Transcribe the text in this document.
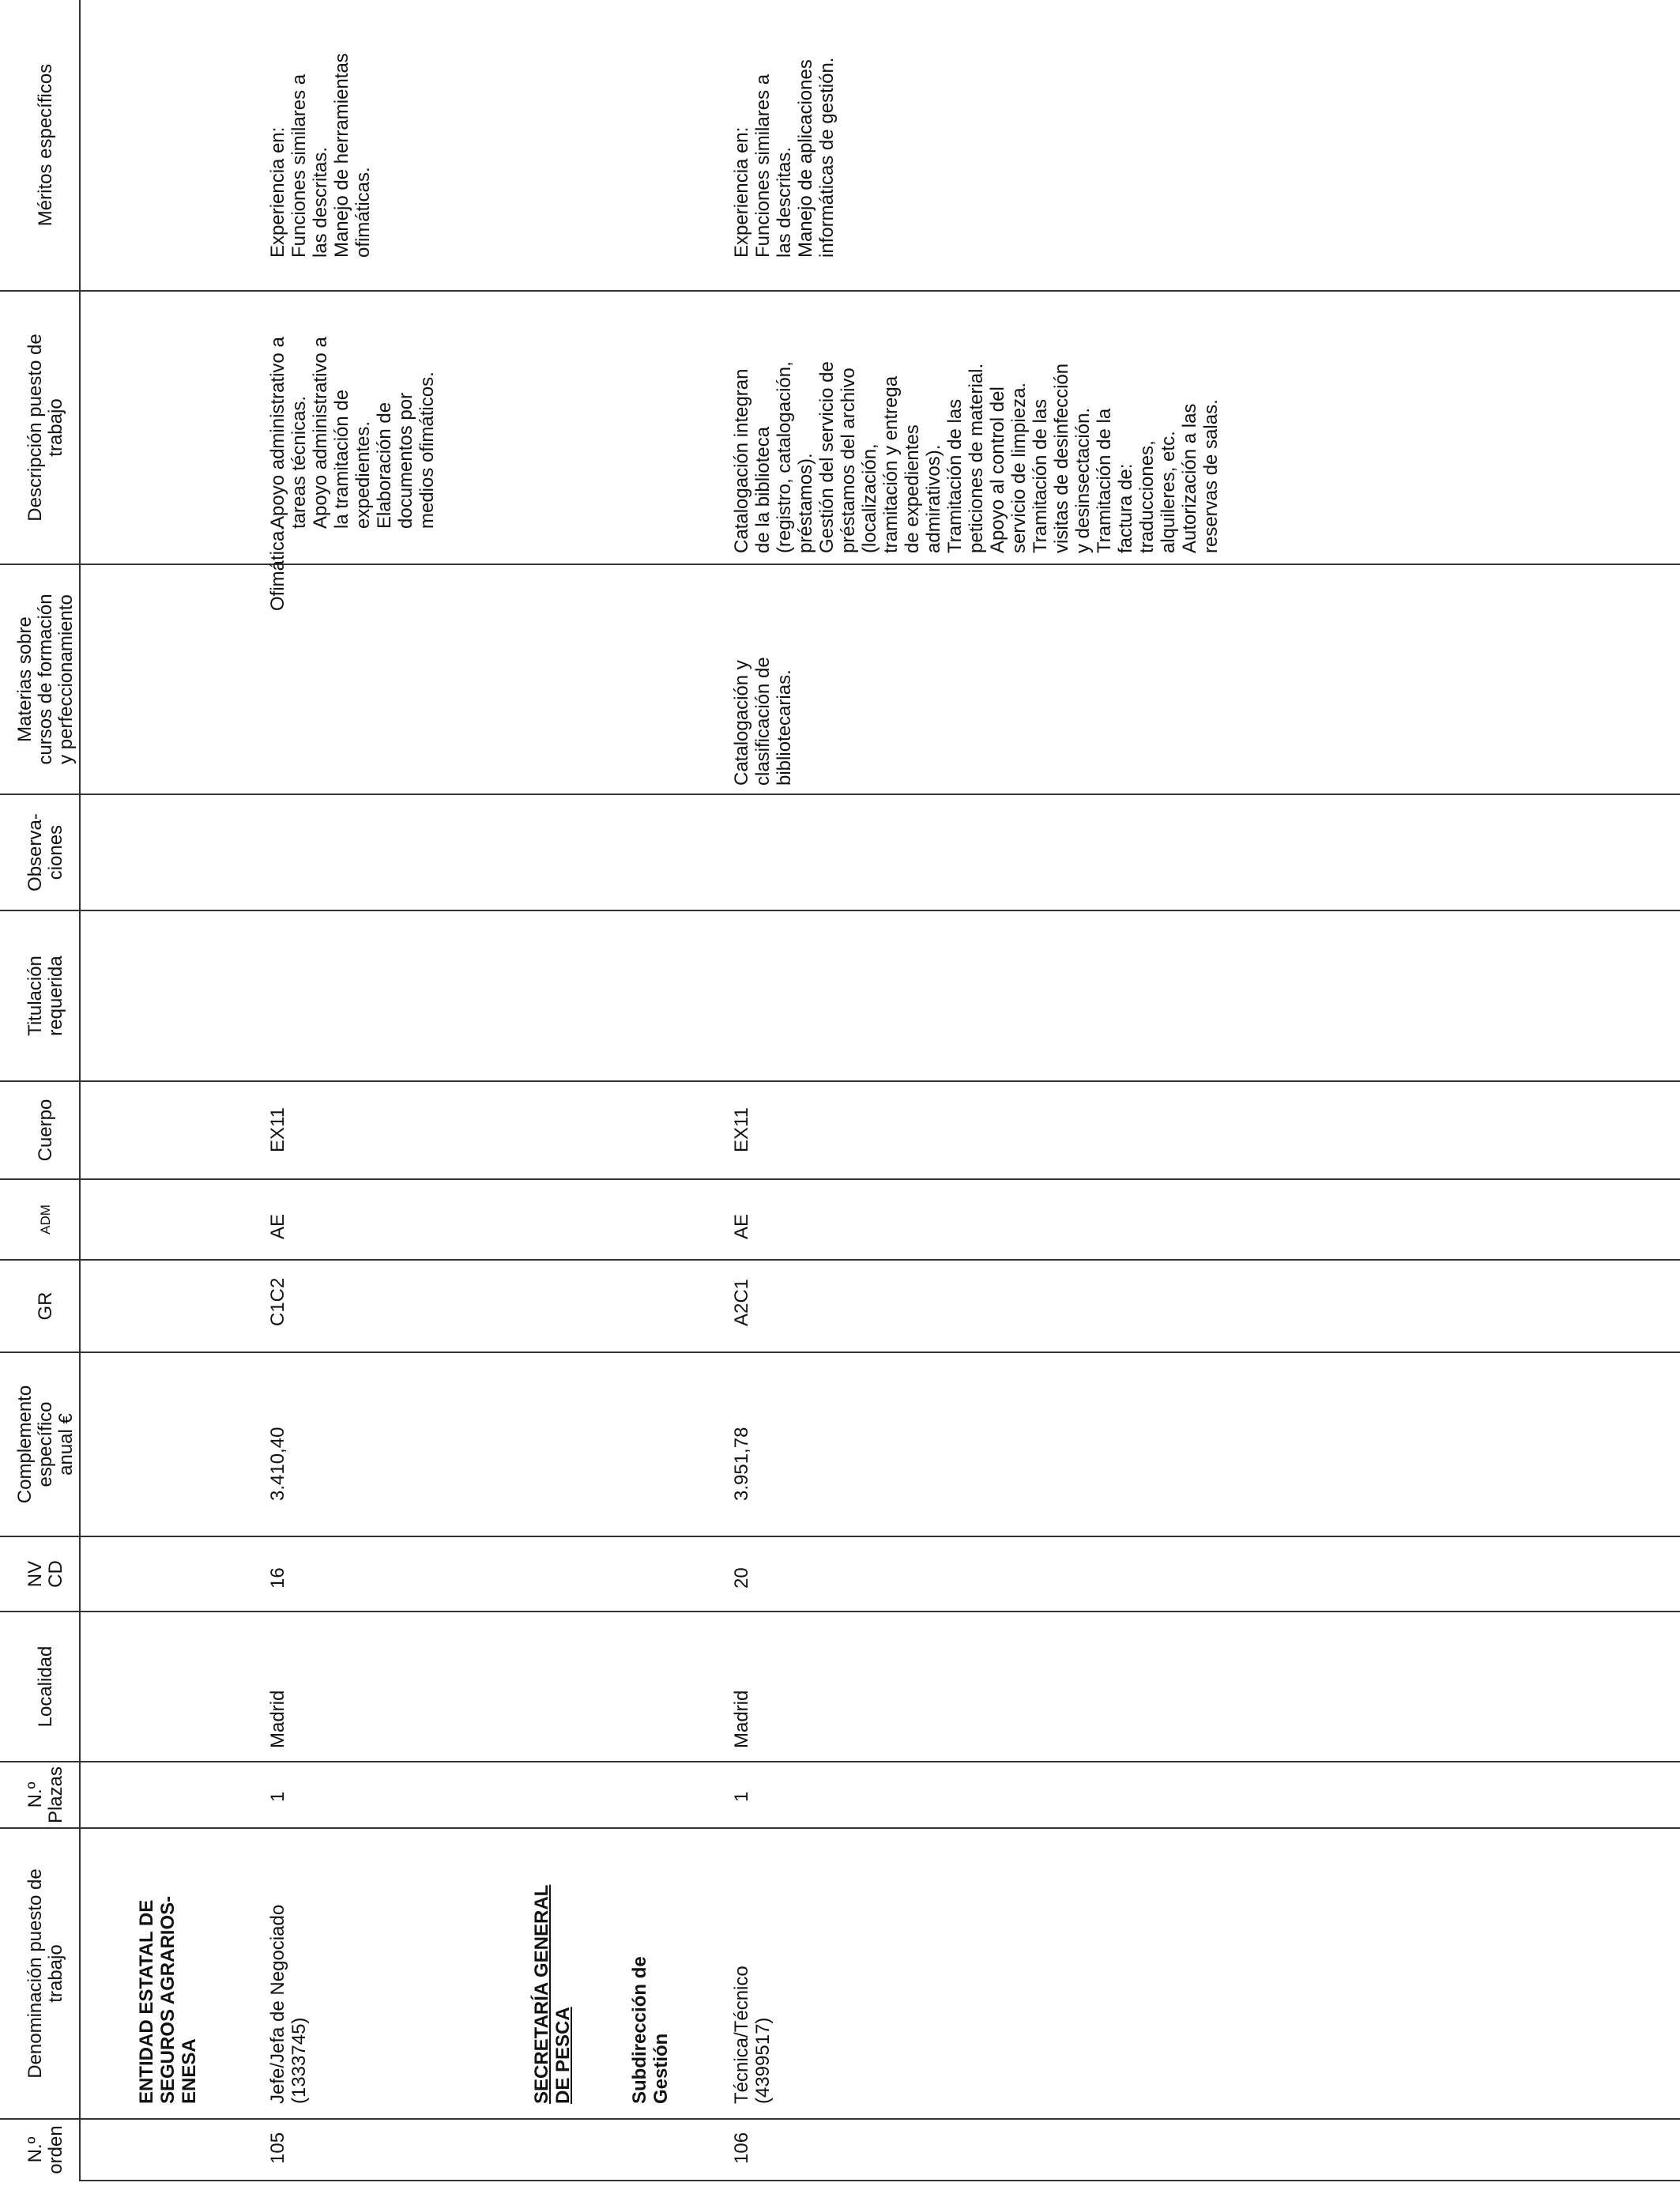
N.º
orden
Denominación puesto de
trabajo
N.º
Plazas
Localidad
NV
CD
Complemento
específico
anual €
GR
ADM
Cuerpo
Titulación
requerida
Observa-
ciones
Materias sobre
cursos de formación
y perfeccionamiento
Descripción puesto de
trabajo
Méritos específicos
ENTIDAD ESTATAL DE
SEGUROS AGRARIOS-
ENESA	SECRETARÍA GENERAL
DE PESCA	Subdirección de
Gestión
105
Jefe/Jefa de Negociado
(1333745)
1
Madrid
16
3.410,40
C1C2
AE
EX11
Ofimática.

Apoyo administrativo a
tareas técnicas.

Apoyo administrativo a
la tramitación de
expedientes. Elaboración de
documentos por
medios ofimáticos.

Experiencia en: Funciones similares a
las descritas. Manejo de herramientas
ofimáticas.

106
Técnica/Técnico
(4399517)
1
Madrid
20
3.951,78
A2C1
AE
EX11
Catalogación y
clasificación de
bibliotecarias.

Catalogación integran
de la biblioteca
(registro, catalogación,
préstamos). Gestión del servicio de
préstamos del archivo
(localización,
tramitación y entrega
de expedientes
admirativos). Tramitación de las
peticiones de material.

Apoyo al control del
servicio de limpieza.

Tramitación de las
visitas de desinfección
y desinsectación. Tramitación de la
factura de:
traducciones,
alquileres, etc.

Autorización a las
reservas de salas.

Experiencia en: Funciones similares a
las descritas. Manejo de aplicaciones
informáticas de gestión.
